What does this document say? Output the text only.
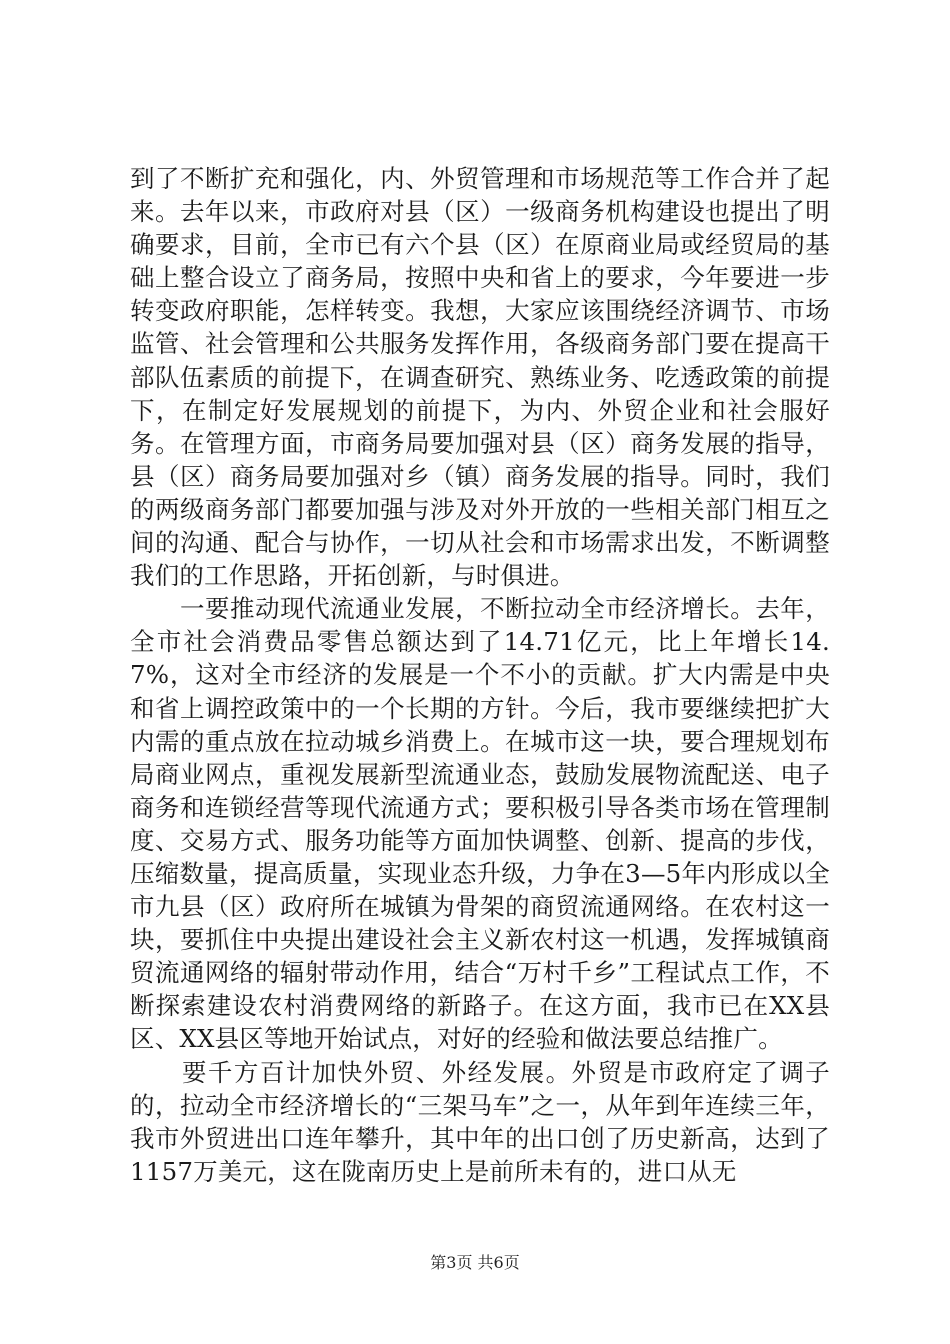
到了不断扩充和强化，内、外贸管理和市场规范等工作合并了起来。去年以来，市政府对县（区）一级商务机构建设也提出了明确要求，目前，全市已有六个县（区）在原商业局或经贸局的基础上整合设立了商务局，按照中央和省上的要求，今年要进一步转变政府职能，怎样转变。我想，大家应该围绕经济调节、市场监管、社会管理和公共服务发挥作用，各级商务部门要在提高干部队伍素质的前提下，在调查研究、熟练业务、吃透政策的前提下，在制定好发展规划的前提下，为内、外贸企业和社会服好务。在管理方面，市商务局要加强对县（区）商务发展的指导，县（区）商务局要加强对乡（镇）商务发展的指导。同时，我们的两级商务部门都要加强与涉及对外开放的一些相关部门相互之间的沟通、配合与协作，一切从社会和市场需求出发，不断调整我们的工作思路，开拓创新，与时俱进。

　　一要推动现代流通业发展，不断拉动全市经济增长。去年，全市社会消费品零售总额达到了14.71亿元，比上年增长14.7%，这对全市经济的发展是一个不小的贡献。扩大内需是中央和省上调控政策中的一个长期的方针。今后，我市要继续把扩大内需的重点放在拉动城乡消费上。在城市这一块，要合理规划布局商业网点，重视发展新型流通业态，鼓励发展物流配送、电子商务和连锁经营等现代流通方式；要积极引导各类市场在管理制度、交易方式、服务功能等方面加快调整、创新、提高的步伐，压缩数量，提高质量，实现业态升级，力争在3—5年内形成以全市九县（区）政府所在城镇为骨架的商贸流通网络。在农村这一块，要抓住中央提出建设社会主义新农村这一机遇，发挥城镇商贸流通网络的辐射带动作用，结合“万村千乡”工程试点工作，不断探索建设农村消费网络的新路子。在这方面，我市已在XX县区、XX县区等地开始试点，对好的经验和做法要总结推广。

　　要千方百计加快外贸、外经发展。外贸是市政府定了调子的，拉动全市经济增长的“三架马车”之一，从年到年连续三年，我市外贸进出口连年攀升，其中年的出口创了历史新高，达到了1157万美元，这在陇南历史上是前所未有的，进口从无

第3页 共6页
